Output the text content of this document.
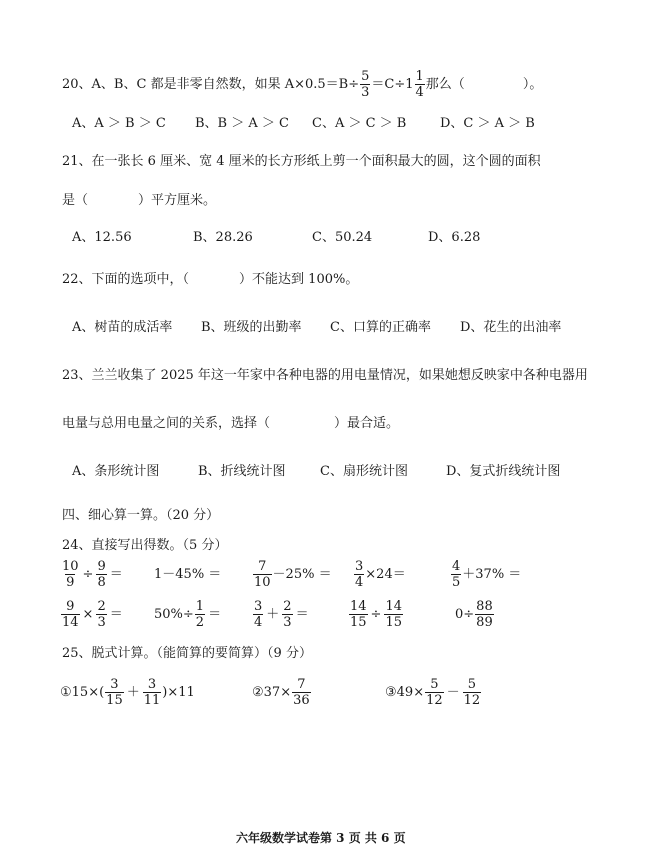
20、A、B、C 都是非零自然数，如果 $A\times 0.5=B\div \frac{5}{3} =C\div 1 \frac{1}{4}$ 那么（	）。
A、A ＞ B ＞ C B、B ＞ A ＞ C C、A ＞ C ＞ B	D、C ＞ A ＞ B
21、在一张长 6 厘米、宽 4 厘米的长方形纸上剪一个面积最大的圆，这个圆的面积
是（	）平方厘米。
A、12.56	B、28.26	C、50.24	D、6.28
22、下面的选项中，（	）不能达到 100%。
A、树苗的成活率 B、班级的出勤率 C、口算的正确率 D、花生的出油率
23、兰兰收集了 2025 年这一年家中各种电器的用电量情况，如果她想反映家中各种电器用
电量与总用电量之间的关系，选择（	）最合适。
A、条形统计图	B、折线统计图	C、扇形统计图	D、复式折线统计图
四、细心算一算。（20 分）
24、直接写出得数。（5 分）
$\frac{10}{9} \div \frac{9}{8} = 1-45\% = \frac{7}{10} -25\% = \frac{3}{4} \times 24=$	$\frac{4}{5} +37\%$ ＝
$\frac{9}{14} \times \frac{2}{3} = 50\%\div \frac{1}{2} = \frac{3}{4} + \frac{2}{3}$ ＝	$\frac{14}{15} \div \frac{14}{15}$	$0\div \frac{88}{89}$
25、脱式计算。（能简算的要简算）（9 分）
①15×( $\frac{3}{15} + \frac{3}{11} )\times 11$	②37× $\frac{7}{36}$	③49× $\frac{5}{12} - \frac{5}{12}$
六年级数学试卷第 3 页 共 6 页
